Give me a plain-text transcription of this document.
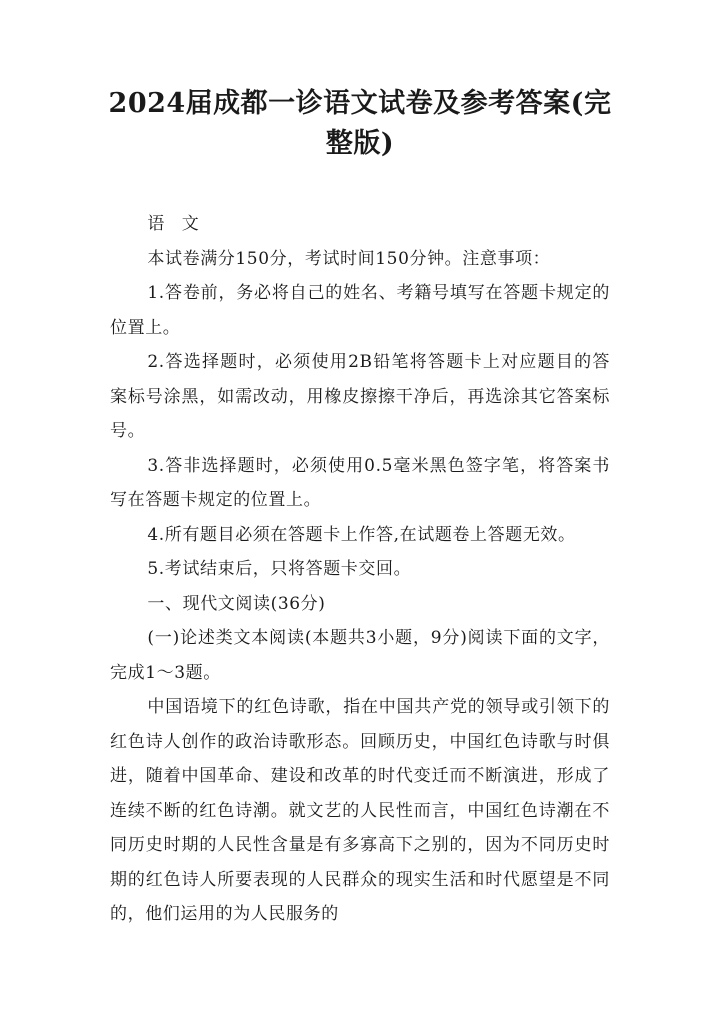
2024届成都一诊语文试卷及参考答案(完整版)

语 文

本试卷满分150分，考试时间150分钟。注意事项：

1.答卷前，务必将自己的姓名、考籍号填写在答题卡规定的位置上。

2.答选择题时，必须使用2B铅笔将答题卡上对应题目的答案标号涂黑，如需改动，用橡皮擦擦干净后，再选涂其它答案标号。

3.答非选择题时，必须使用0.5毫米黑色签字笔，将答案书写在答题卡规定的位置上。

4.所有题目必须在答题卡上作答,在试题卷上答题无效。

5.考试结束后，只将答题卡交回。

一、现代文阅读(36分)

(一)论述类文本阅读(本题共3小题，9分)阅读下面的文字，完成1～3题。

中国语境下的红色诗歌，指在中国共产党的领导或引领下的红色诗人创作的政治诗歌形态。回顾历史，中国红色诗歌与时俱进，随着中国革命、建设和改革的时代变迁而不断演进，形成了连续不断的红色诗潮。就文艺的人民性而言，中国红色诗潮在不同历史时期的人民性含量是有多寡高下之别的，因为不同历史时期的红色诗人所要表现的人民群众的现实生活和时代愿望是不同的，他们运用的为人民服务的
